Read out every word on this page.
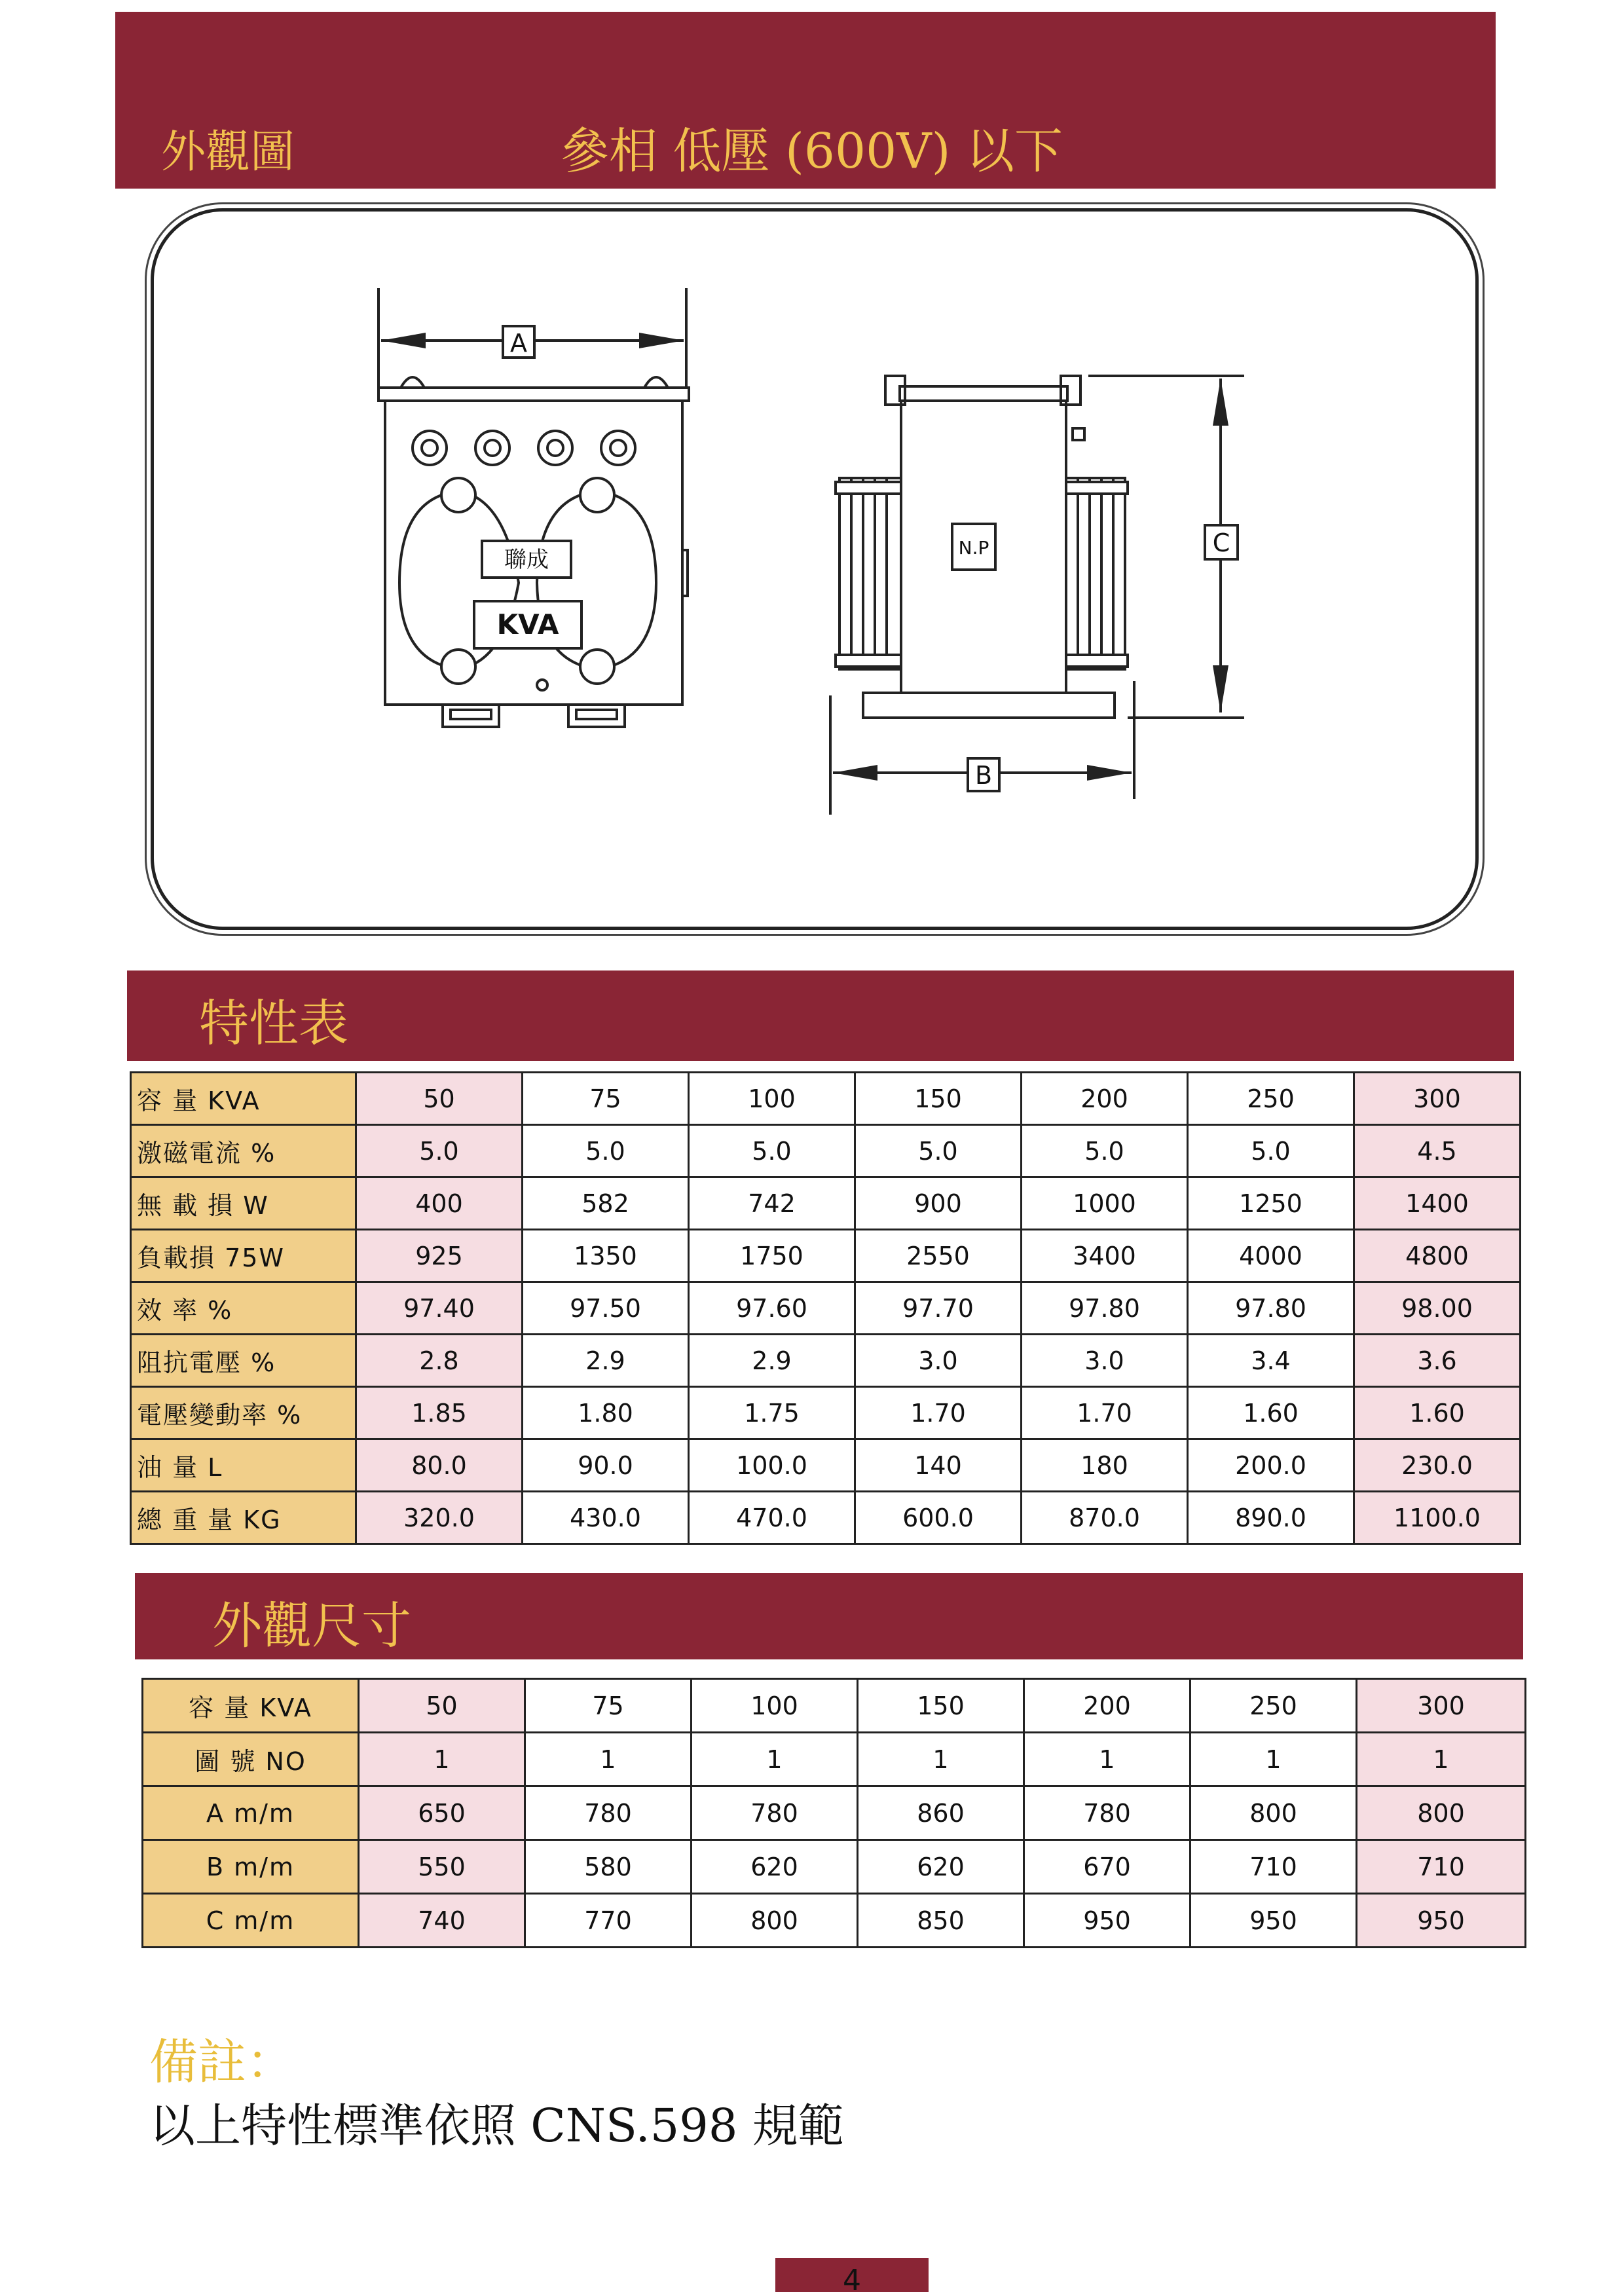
外觀圖	參相 低壓 (600V) 以下
A
聯成
KVA
N.P	C
B
特性表
容 量 KVA	50	75	100	150	200	250	300
激磁電流 %	5.0	5.0	5.0	5.0	5.0	5.0	4.5
無 載 損 W	400	582	742	900	1000	1250	1400
負載損 75W	925	1350	1750	2550	3400	4000	4800
效 率 %	97.40	97.50	97.60	97.70	97.80	97.80	98.00
阻抗電壓 %	2.8	2.9	2.9	3.0	3.0	3.4	3.6
電壓變動率 %	1.85	1.80	1.75	1.70	1.70	1.60	1.60
油 量 L	80.0	90.0	100.0	140	180	200.0	230.0
總 重 量 KG	320.0	430.0	470.0	600.0	870.0	890.0	1100.0
外觀尺寸
容 量 KVA	50	75	100	150	200	250	300
圖 號 NO	1	1	1	1	1	1	1
A m/m	650	780	780	860	780	800	800
B m/m	550	580	620	620	670	710	710
C m/m	740	770	800	850	950	950	950
備註：
以上特性標準依照 CNS.598 規範
4
